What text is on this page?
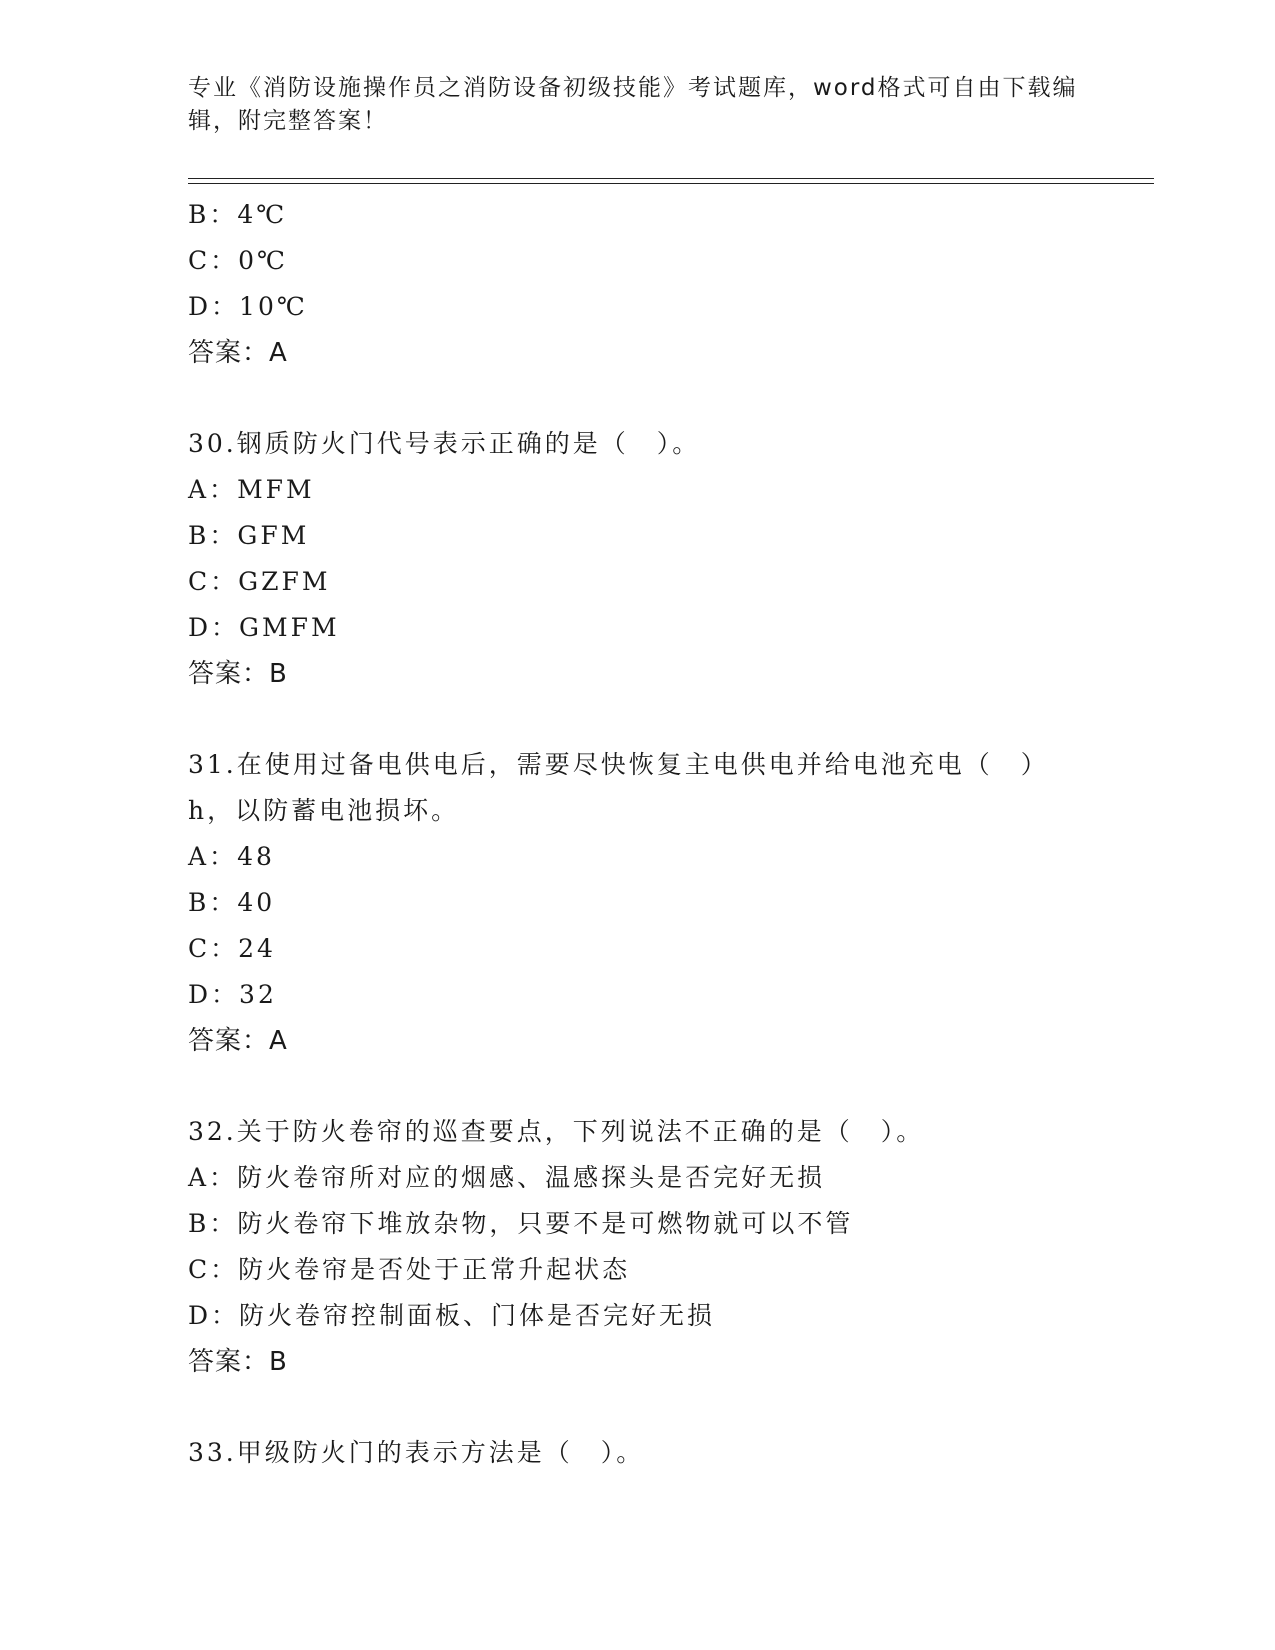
专业《消防设施操作员之消防设备初级技能》考试题库，word格式可自由下载编
辑，附完整答案！
B：4℃
C：0℃
D：10℃
答案：A
30.钢质防火门代号表示正确的是（　）。
A：MFM
B：GFM
C：GZFM
D：GMFM
答案：B
31.在使用过备电供电后，需要尽快恢复主电供电并给电池充电（　）
h，以防蓄电池损坏。
A：48
B：40
C：24
D：32
答案：A
32.关于防火卷帘的巡查要点，下列说法不正确的是（　）。
A：防火卷帘所对应的烟感、温感探头是否完好无损
B：防火卷帘下堆放杂物，只要不是可燃物就可以不管
C：防火卷帘是否处于正常升起状态
D：防火卷帘控制面板、门体是否完好无损
答案：B
33.甲级防火门的表示方法是（　）。
